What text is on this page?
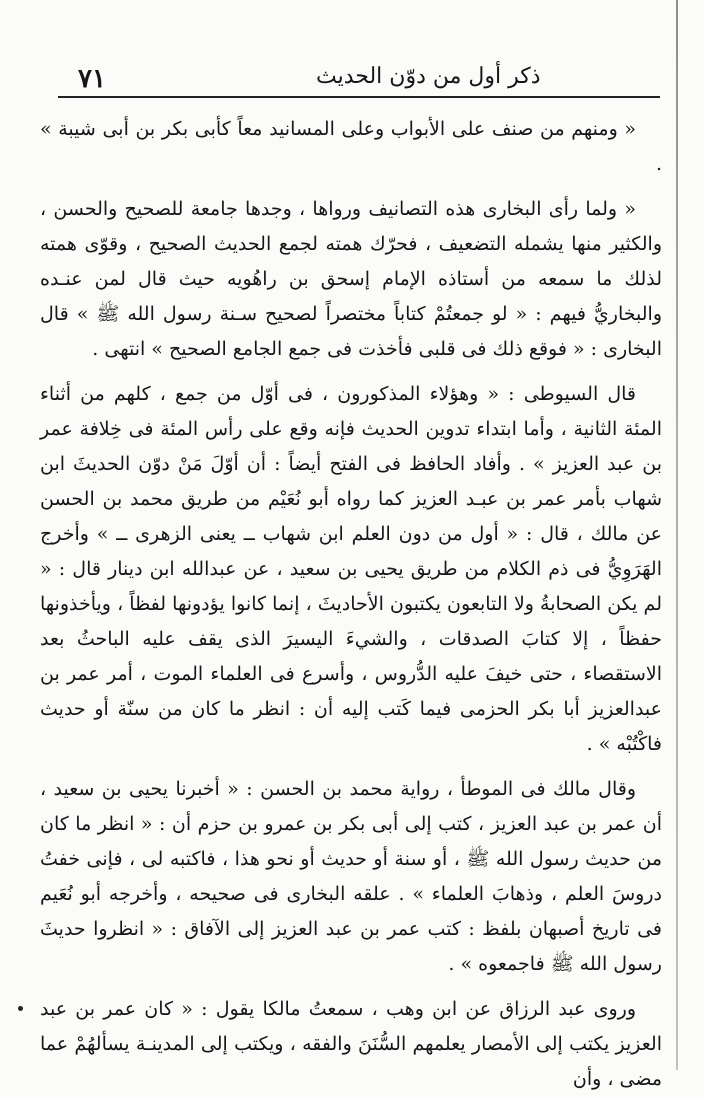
٧١	ذكر أول من دوّن الحديث

« ومنهم من صنف على الأبواب وعلى المسانيد معاً كأبى بكر بن أبى شيبة » .

« ولما رأى البخارى هذه التصانيف ورواها ، وجدها جامعة للصحيح والحسن ، والكثير منها يشمله التضعيف ، فحرّك همته لجمع الحديث الصحيح ، وقوّى همته لذلك ما سمعه من أستاذه الإمام إسحق بن راهُويه حيث قال لمن عنـده والبخاريُّ فيهم : « لو جمعتُمْ كتاباً مختصراً لصحيح سـنة رسول الله ﷺ » قال البخارى : « فوقع ذلك فى قلبى فأخذت فى جمع الجامع الصحيح » انتهى .

قال السيوطى : « وهؤلاء المذكورون ، فى أوّل من جمع ، كلهم من أثناء المئة الثانية ، وأما ابتداء تدوين الحديث فإنه وقع على رأس المئة فى خِلافة عمر بن عبد العزيز » . وأفاد الحافظ فى الفتح أيضاً : أن أوّلَ مَنْ دوّن الحديثَ ابن شهاب بأمر عمر بن عبـد العزيز كما رواه أبو نُعَيْم من طريق محمد بن الحسن عن مالك ، قال : « أول من دون العلم ابن شهاب ــ يعنى الزهرى ــ » وأخرج الهَرَوِيُّ فى ذم الكلام من طريق يحيى بن سعيد ، عن عبدالله ابن دينار قال : « لم يكن الصحابةُ ولا التابعون يكتبون الأحاديثَ ، إنما كانوا يؤدونها لفظاً ، ويأخذونها حفظاً ، إلا كتابَ الصدقات ، والشيءَ اليسيرَ الذى يقف عليه الباحثُ بعد الاستقصاء ، حتى خيفَ عليه الدُّروس ، وأسرع فى العلماء الموت ، أمر عمر بن عبدالعزيز أبا بكر الحزمى فيما كَتب إليه أن : انظر ما كان من سنّة أو حديث فاكْتُبْه » .

وقال مالك فى الموطأ ، رواية محمد بن الحسن : « أخبرنا يحيى بن سعيد ، أن عمر بن عبد العزيز ، كتب إلى أبى بكر بن عمرو بن حزم أن : « انظر ما كان من حديث رسول الله ﷺ ، أو سنة أو حديث أو نحو هذا ، فاكتبه لى ، فإنى خفتُ دروسَ العلم ، وذهابَ العلماء » . علقه البخارى فى صحيحه ، وأخرجه أبو نُعَيم فى تاريخ أصبهان بلفظ : كتب عمر بن عبد العزيز إلى الآفاق : « انظروا حديثَ رسول الله ﷺ فاجمعوه » .

وروى عبد الرزاق عن ابن وهب ، سمعتُ مالكا يقول : « كان عمر بن عبد العزيز يكتب إلى الأمصار يعلمهم السُّنَنَ والفقه ، ويكتب إلى المدينـة يسألهُمْ عما مضى ، وأن
